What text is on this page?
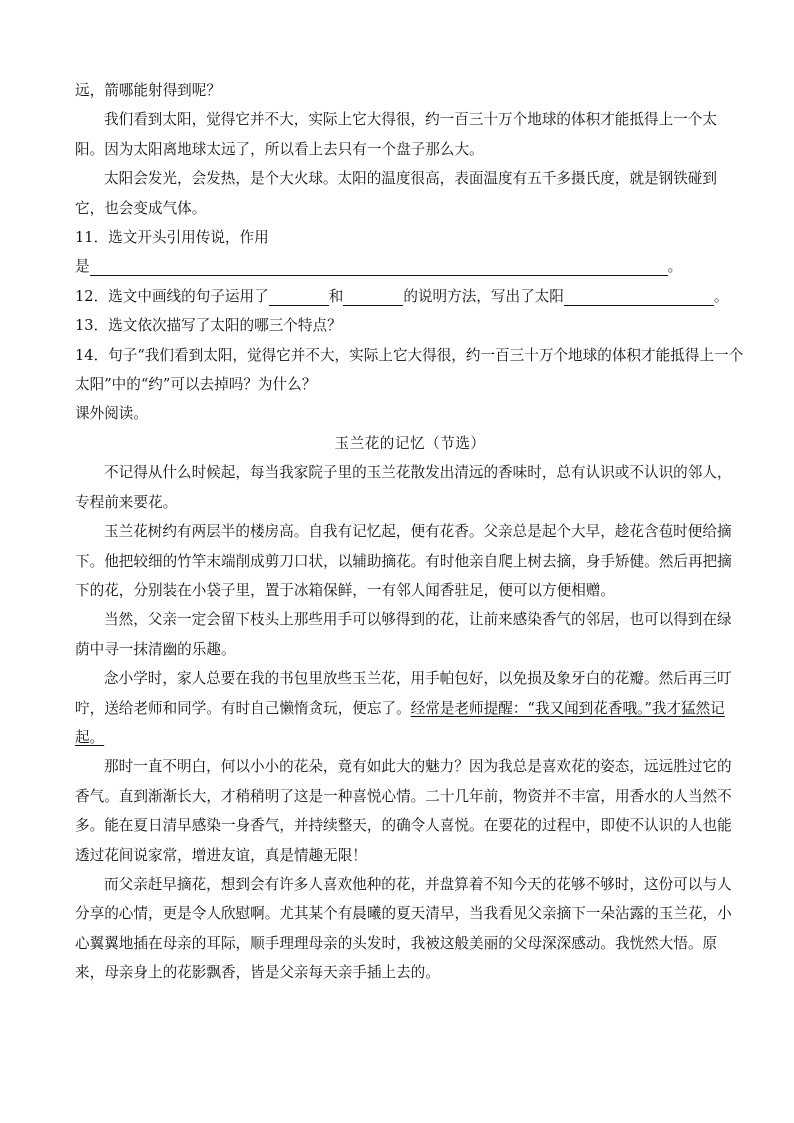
远，箭哪能射得到呢？

我们看到太阳，觉得它并不大，实际上它大得很，约一百三十万个地球的体积才能抵得上一个太

阳。因为太阳离地球太远了，所以看上去只有一个盘子那么大。

太阳会发光，会发热，是个大火球。太阳的温度很高，表面温度有五千多摄氏度，就是钢铁碰到

它，也会变成气体。

11．选文开头引用传说，作用

是	。

12．选文中画线的句子运用了	和	的说明方法，写出了太阳	。

13．选文依次描写了太阳的哪三个特点？

14．句子“我们看到太阳，觉得它并不大，实际上它大得很，约一百三十万个地球的体积才能抵得上一个

太阳”中的“约”可以去掉吗？为什么？

课外阅读。

玉兰花的记忆（节选）

不记得从什么时候起，每当我家院子里的玉兰花散发出清远的香味时，总有认识或不认识的邻人，

专程前来要花。

玉兰花树约有两层半的楼房高。自我有记忆起，便有花香。父亲总是起个大早，趁花含苞时便给摘

下。他把较细的竹竿末端削成剪刀口状，以辅助摘花。有时他亲自爬上树去摘，身手矫健。然后再把摘

下的花，分别装在小袋子里，置于冰箱保鲜，一有邻人闻香驻足，便可以方便相赠。

当然，父亲一定会留下枝头上那些用手可以够得到的花，让前来感染香气的邻居，也可以得到在绿

荫中寻一抹清幽的乐趣。

念小学时，家人总要在我的书包里放些玉兰花，用手帕包好，以免损及象牙白的花瓣。然后再三叮

咛，送给老师和同学。有时自己懒惰贪玩，便忘了。经常是老师提醒：“我又闻到花香哦。”我才猛然记

起。

那时一直不明白，何以小小的花朵，竟有如此大的魅力？因为我总是喜欢花的姿态，远远胜过它的

香气。直到渐渐长大，才稍稍明了这是一种喜悦心情。二十几年前，物资并不丰富，用香水的人当然不

多。能在夏日清早感染一身香气，并持续整天，的确令人喜悦。在要花的过程中，即使不认识的人也能

透过花间说家常，增进友谊，真是情趣无限！

而父亲赶早摘花，想到会有许多人喜欢他种的花，并盘算着不知今天的花够不够时，这份可以与人

分享的心情，更是令人欣慰啊。尤其某个有晨曦的夏天清早，当我看见父亲摘下一朵沾露的玉兰花，小

心翼翼地插在母亲的耳际，顺手理理母亲的头发时，我被这般美丽的父母深深感动。我恍然大悟。原

来，母亲身上的花影飘香，皆是父亲每天亲手插上去的。
